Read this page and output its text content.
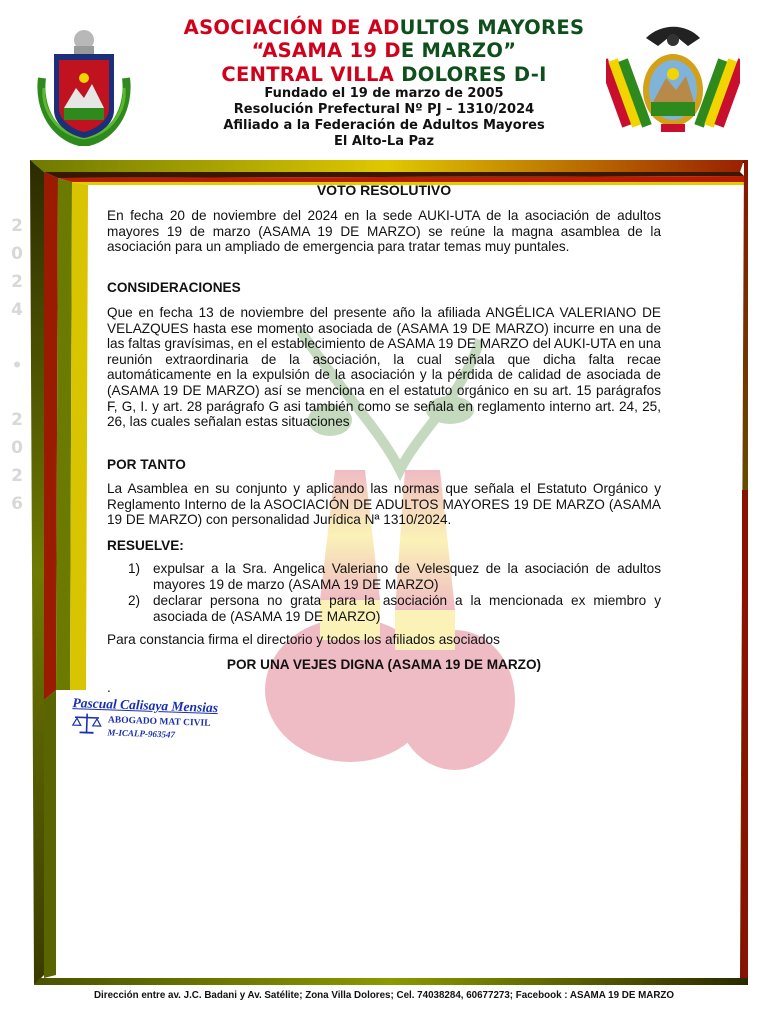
ASOCIACIÓN DE ADULTOS MAYORES
“ASAMA 19 DE MARZO”
CENTRAL VILLA DOLORES D-I
Fundado el 19 de marzo de 2005
Resolución Prefectural Nº PJ – 1310/2024
Afiliado a la Federación de Adultos Mayores
El Alto-La Paz
2
0
2
4
•
2
0
2
6
VOTO RESOLUTIVO
En fecha 20 de noviembre del 2024 en la sede AUKI-UTA de la asociación de adultos mayores 19 de marzo (ASAMA 19 DE MARZO) se reúne la magna asamblea de la asociación para un ampliado de emergencia para tratar temas muy puntales.
CONSIDERACIONES
Que en fecha 13 de noviembre del presente año la afiliada ANGÉLICA VALERIANO DE VELAZQUES hasta ese momento asociada de (ASAMA 19 DE MARZO) incurre en una de las faltas gravísimas, en el establecimiento de ASAMA 19 DE MARZO del AUKI-UTA en una reunión extraordinaria de la asociación, la cual señala que dicha falta recae automáticamente en la expulsión de la asociación y la pérdida de calidad de asociada de (ASAMA 19 DE MARZO) así se menciona en el estatuto orgánico en su art. 15 parágrafos F, G, I. y art. 28 parágrafo G asi también como se señala en reglamento interno art. 24, 25, 26, las cuales señalan estas situaciones
POR TANTO
La Asamblea en su conjunto y aplicando las normas que señala el Estatuto Orgánico y Reglamento Interno de la ASOCIACIÓN DE ADULTOS MAYORES 19 DE MARZO (ASAMA 19 DE MARZO) con personalidad Jurídica Nª 1310/2024.
RESUELVE:
1) expulsar a la Sra. Angelica Valeriano de Velesquez de la asociación de adultos mayores 19 de marzo (ASAMA 19 DE MARZO)
2) declarar persona no grata para la asociación a la mencionada ex miembro y asociada de (ASAMA 19 DE MARZO)
Para constancia firma el directorio y todos los afiliados asociados
POR UNA VEJES DIGNA (ASAMA 19 DE MARZO)
.
Pascual Calisaya Mensias
ABOGADO MAT CIVIL
M-ICALP-963547
Dirección entre av. J.C. Badani y Av. Satélite; Zona Villa Dolores; Cel. 74038284, 60677273; Facebook : ASAMA 19 DE MARZO
